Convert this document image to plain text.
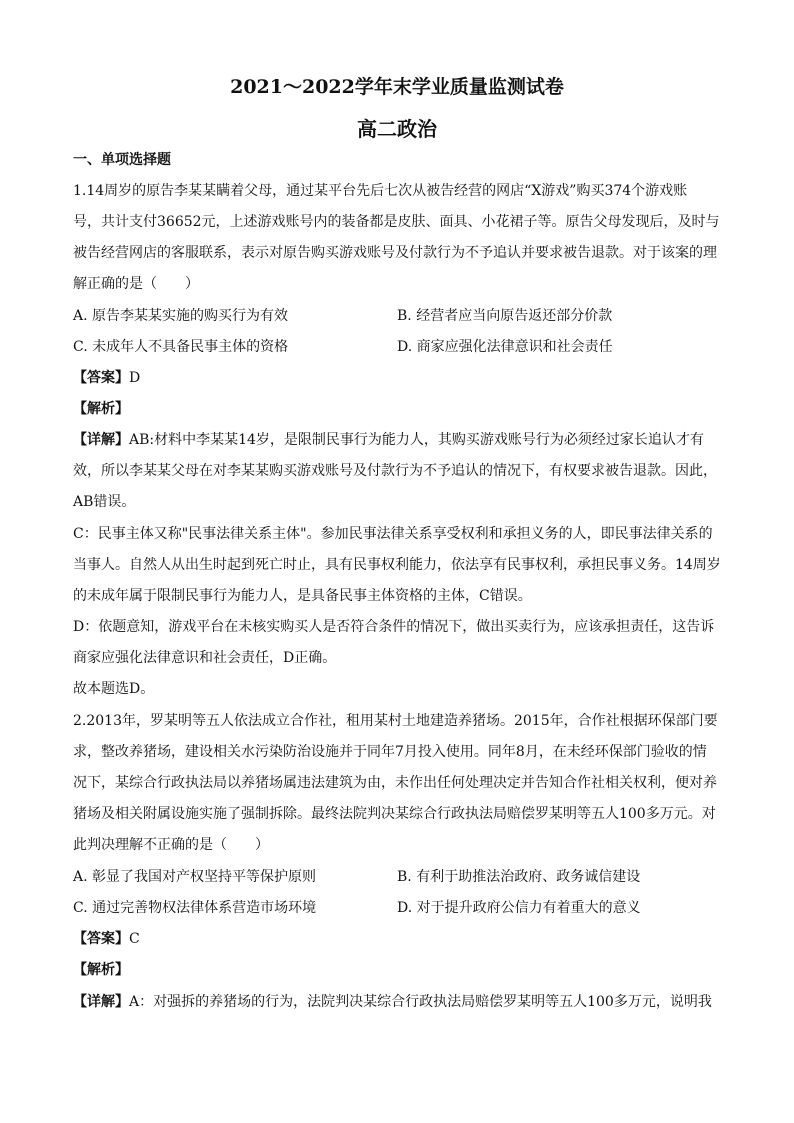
2021～2022学年末学业质量监测试卷
高二政治
一、单项选择题
1.14周岁的原告李某某瞒着父母，通过某平台先后七次从被告经营的网店“X游戏”购买374个游戏账
号，共计支付36652元，上述游戏账号内的装备都是皮肤、面具、小花裙子等。原告父母发现后，及时与
被告经营网店的客服联系，表示对原告购买游戏账号及付款行为不予追认并要求被告退款。对于该案的理
解正确的是（　　）
A. 原告李某某实施的购买行为有效	B. 经营者应当向原告返还部分价款
C. 未成年人不具备民事主体的资格	D. 商家应强化法律意识和社会责任
【答案】D
【解析】
【详解】AB:材料中李某某14岁，是限制民事行为能力人，其购买游戏账号行为必须经过家长追认才有
效，所以李某某父母在对李某某购买游戏账号及付款行为不予追认的情况下，有权要求被告退款。因此，
AB错误。
C：民事主体又称"民事法律关系主体"。参加民事法律关系享受权利和承担义务的人，即民事法律关系的
当事人。自然人从出生时起到死亡时止，具有民事权利能力，依法享有民事权利，承担民事义务。14周岁
的未成年属于限制民事行为能力人，是具备民事主体资格的主体，C错误。
D：依题意知，游戏平台在未核实购买人是否符合条件的情况下，做出买卖行为，应该承担责任，这告诉
商家应强化法律意识和社会责任，D正确。
故本题选D。
2.2013年，罗某明等五人依法成立合作社，租用某村土地建造养猪场。2015年，合作社根据环保部门要
求，整改养猪场，建设相关水污染防治设施并于同年7月投入使用。同年8月，在未经环保部门验收的情
况下，某综合行政执法局以养猪场属违法建筑为由，未作出任何处理决定并告知合作社相关权利，便对养
猪场及相关附属设施实施了强制拆除。最终法院判决某综合行政执法局赔偿罗某明等五人100多万元。对
此判决理解不正确的是（　　）
A. 彰显了我国对产权坚持平等保护原则	B. 有利于助推法治政府、政务诚信建设
C. 通过完善物权法律体系营造市场环境	D. 对于提升政府公信力有着重大的意义
【答案】C
【解析】
【详解】A：对强拆的养猪场的行为，法院判决某综合行政执法局赔偿罗某明等五人100多万元，说明我
